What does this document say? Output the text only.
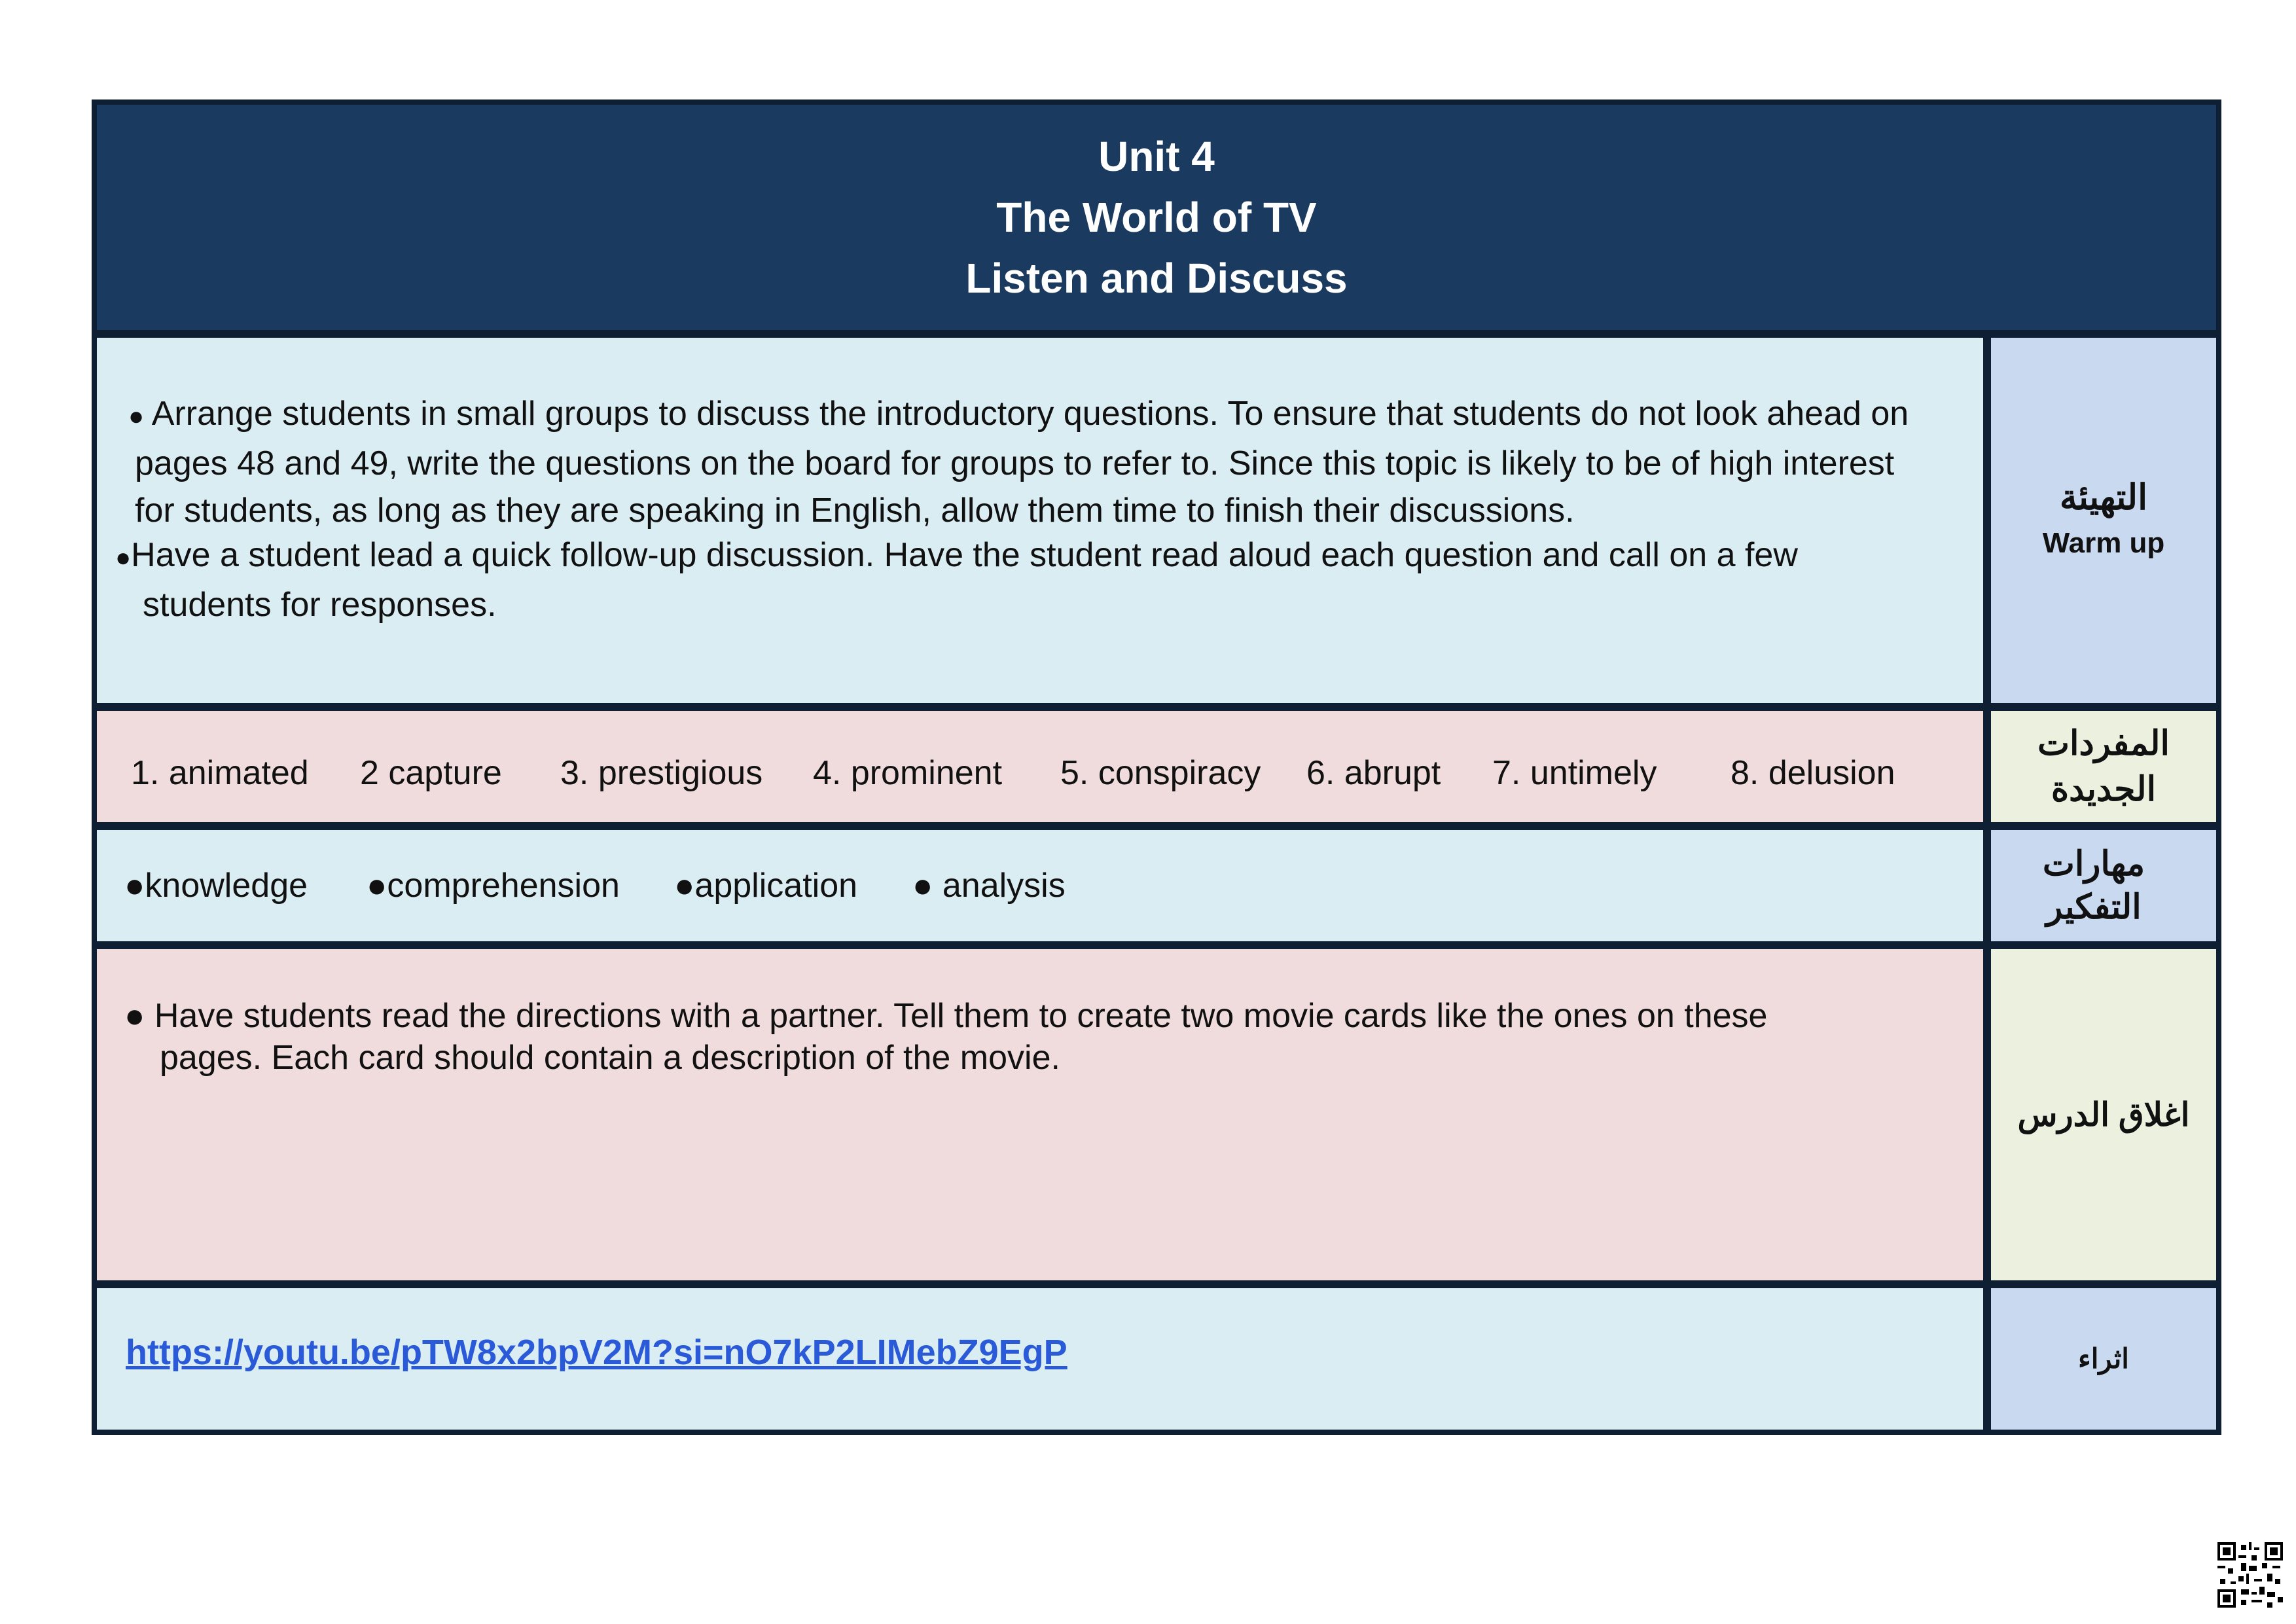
Unit 4
The World of TV
Listen and Discuss
● Arrange students in small groups to discuss the introductory questions. To ensure that students do not look ahead on
pages 48 and 49, write the questions on the board for groups to refer to. Since this topic is likely to be of high interest
for students, as long as they are speaking in English, allow them time to finish their discussions.
●Have a student lead a quick follow-up discussion. Have the student read aloud each question and call on a few
students for responses.
التهيئة
Warm up
1. animated 2 capture 3. prestigious 4. prominent 5. conspiracy 6. abrupt 7. untimely 8. delusion
المفردات
الجديدة
●knowledge ●comprehension ●application ● analysis
مهارات
التفكير
● Have students read the directions with a partner. Tell them to create two movie cards like the ones on these
pages. Each card should contain a description of the movie.
اغلاق الدرس
https://youtu.be/pTW8x2bpV2M?si=nO7kP2LIMebZ9EgP	اثراء
